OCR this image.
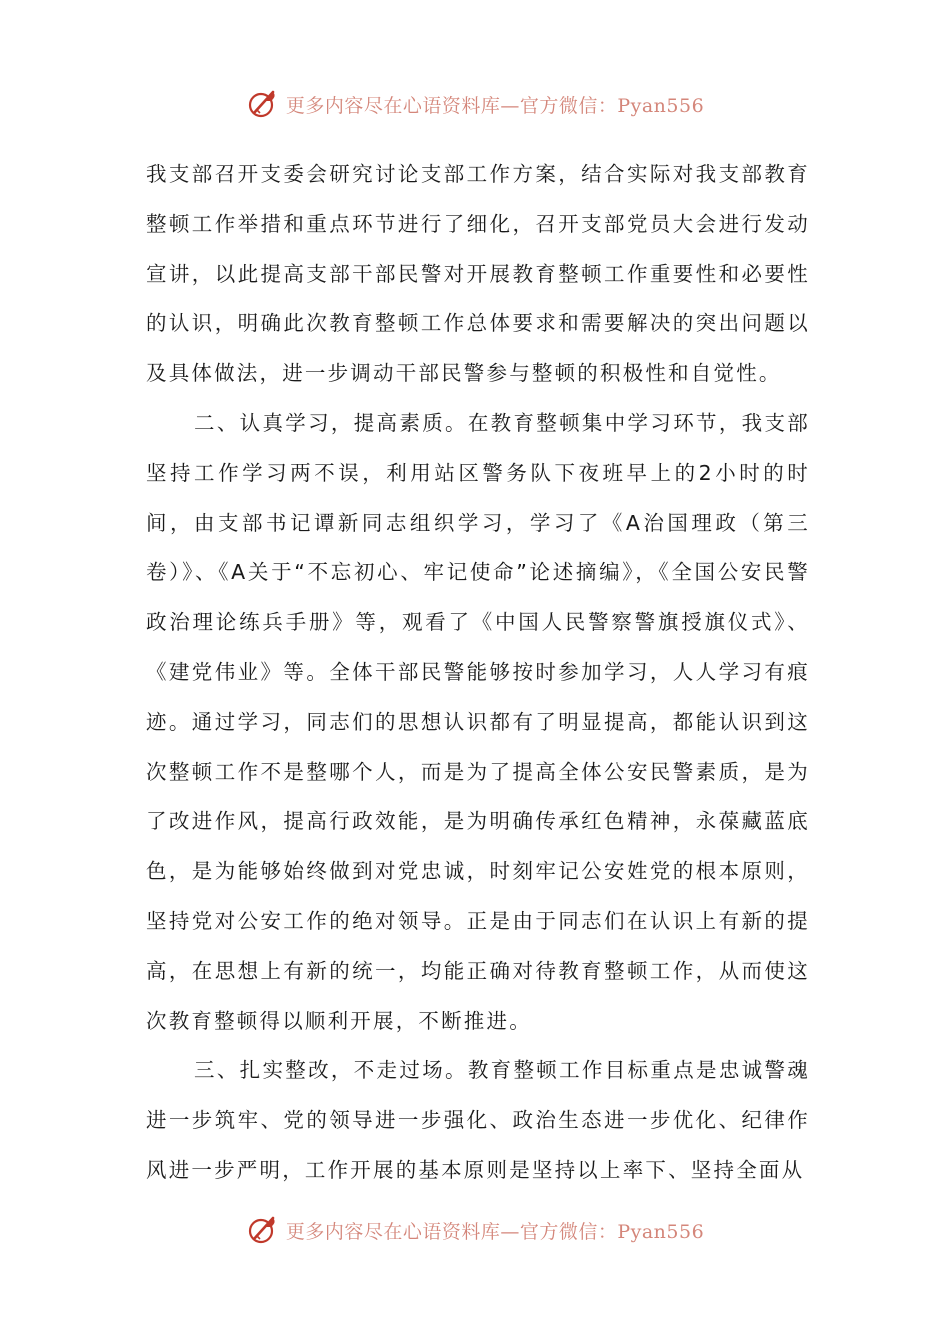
更多内容尽在心语资料库—官方微信：Pyan556

我支部召开支委会研究讨论支部工作方案，结合实际对我支部教育整顿工作举措和重点环节进行了细化，召开支部党员大会进行发动宣讲，以此提高支部干部民警对开展教育整顿工作重要性和必要性的认识，明确此次教育整顿工作总体要求和需要解决的突出问题以及具体做法，进一步调动干部民警参与整顿的积极性和自觉性。

二、认真学习，提高素质。在教育整顿集中学习环节，我支部坚持工作学习两不误，利用站区警务队下夜班早上的2小时的时间，由支部书记谭新同志组织学习，学习了《A治国理政（第三卷）》、《A关于“不忘初心、牢记使命”论述摘编》，《全国公安民警政治理论练兵手册》等，观看了《中国人民警察警旗授旗仪式》、《建党伟业》等。全体干部民警能够按时参加学习，人人学习有痕迹。通过学习，同志们的思想认识都有了明显提高，都能认识到这次整顿工作不是整哪个人，而是为了提高全体公安民警素质，是为了改进作风，提高行政效能，是为明确传承红色精神，永葆藏蓝底色，是为能够始终做到对党忠诚，时刻牢记公安姓党的根本原则，坚持党对公安工作的绝对领导。正是由于同志们在认识上有新的提高，在思想上有新的统一，均能正确对待教育整顿工作，从而使这次教育整顿得以顺利开展，不断推进。

三、扎实整改，不走过场。教育整顿工作目标重点是忠诚警魂进一步筑牢、党的领导进一步强化、政治生态进一步优化、纪律作风进一步严明，工作开展的基本原则是坚持以上率下、坚持全面从

更多内容尽在心语资料库—官方微信：Pyan556
